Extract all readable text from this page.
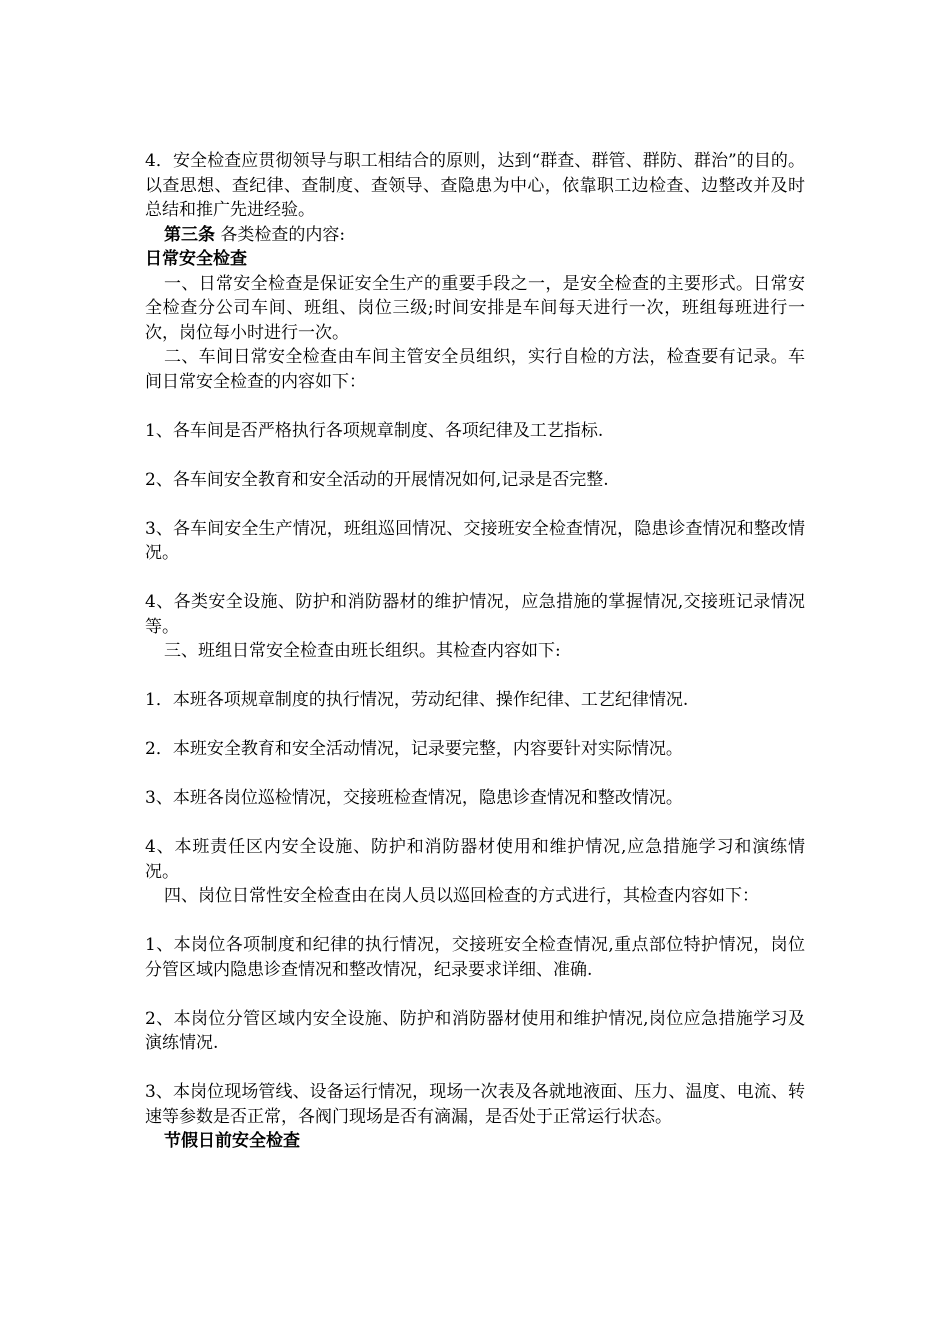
4．安全检查应贯彻领导与职工相结合的原则，达到“群查、群管、群防、群治”的目的。以查思想、查纪律、查制度、查领导、查隐患为中心，依靠职工边检查、边整改并及时总结和推广先进经验。

第三条 各类检查的内容:

日常安全检查

一、日常安全检查是保证安全生产的重要手段之一，是安全检查的主要形式。日常安全检查分公司车间、班组、岗位三级;时间安排是车间每天进行一次，班组每班进行一次，岗位每小时进行一次。

二、车间日常安全检查由车间主管安全员组织，实行自检的方法，检查要有记录。车间日常安全检查的内容如下：

1、各车间是否严格执行各项规章制度、各项纪律及工艺指标.

2、各车间安全教育和安全活动的开展情况如何,记录是否完整.

3、各车间安全生产情况，班组巡回情况、交接班安全检查情况，隐患诊查情况和整改情况。

4、各类安全设施、防护和消防器材的维护情况，应急措施的掌握情况,交接班记录情况等。

三、班组日常安全检查由班长组织。其检查内容如下:

1．本班各项规章制度的执行情况，劳动纪律、操作纪律、工艺纪律情况.

2．本班安全教育和安全活动情况，记录要完整，内容要针对实际情况。

3、本班各岗位巡检情况，交接班检查情况，隐患诊查情况和整改情况。

4、本班责任区内安全设施、防护和消防器材使用和维护情况,应急措施学习和演练情况。

四、岗位日常性安全检查由在岗人员以巡回检查的方式进行，其检查内容如下：

1、本岗位各项制度和纪律的执行情况，交接班安全检查情况,重点部位特护情况，岗位分管区域内隐患诊查情况和整改情况，纪录要求详细、准确.

2、本岗位分管区域内安全设施、防护和消防器材使用和维护情况,岗位应急措施学习及演练情况.

3、本岗位现场管线、设备运行情况，现场一次表及各就地液面、压力、温度、电流、转速等参数是否正常，各阀门现场是否有滴漏，是否处于正常运行状态。

节假日前安全检查
